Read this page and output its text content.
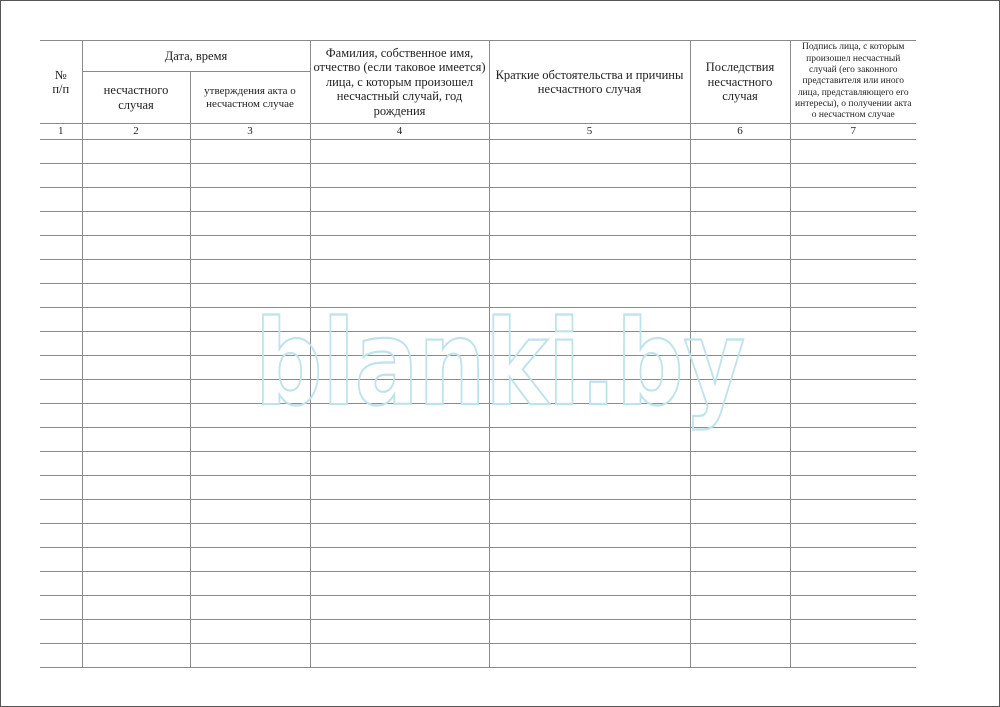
№
п/п	Дата, время		Фамилия, собственное имя, отчество (если таковое имеется) лица, с которым произошел несчастный случай, год рождения	Краткие обстоятельства и причины несчастного случая	Последствия несчастного случая	Подпись лица, с которым произошел несчастный случай (его законного представителя или иного лица, представляющего его интересы), о получении акта о несчастном случае
	несчастного случая	утверждения акта о несчастном случае				
1	2	3	4	5	6	7

blanki.by
